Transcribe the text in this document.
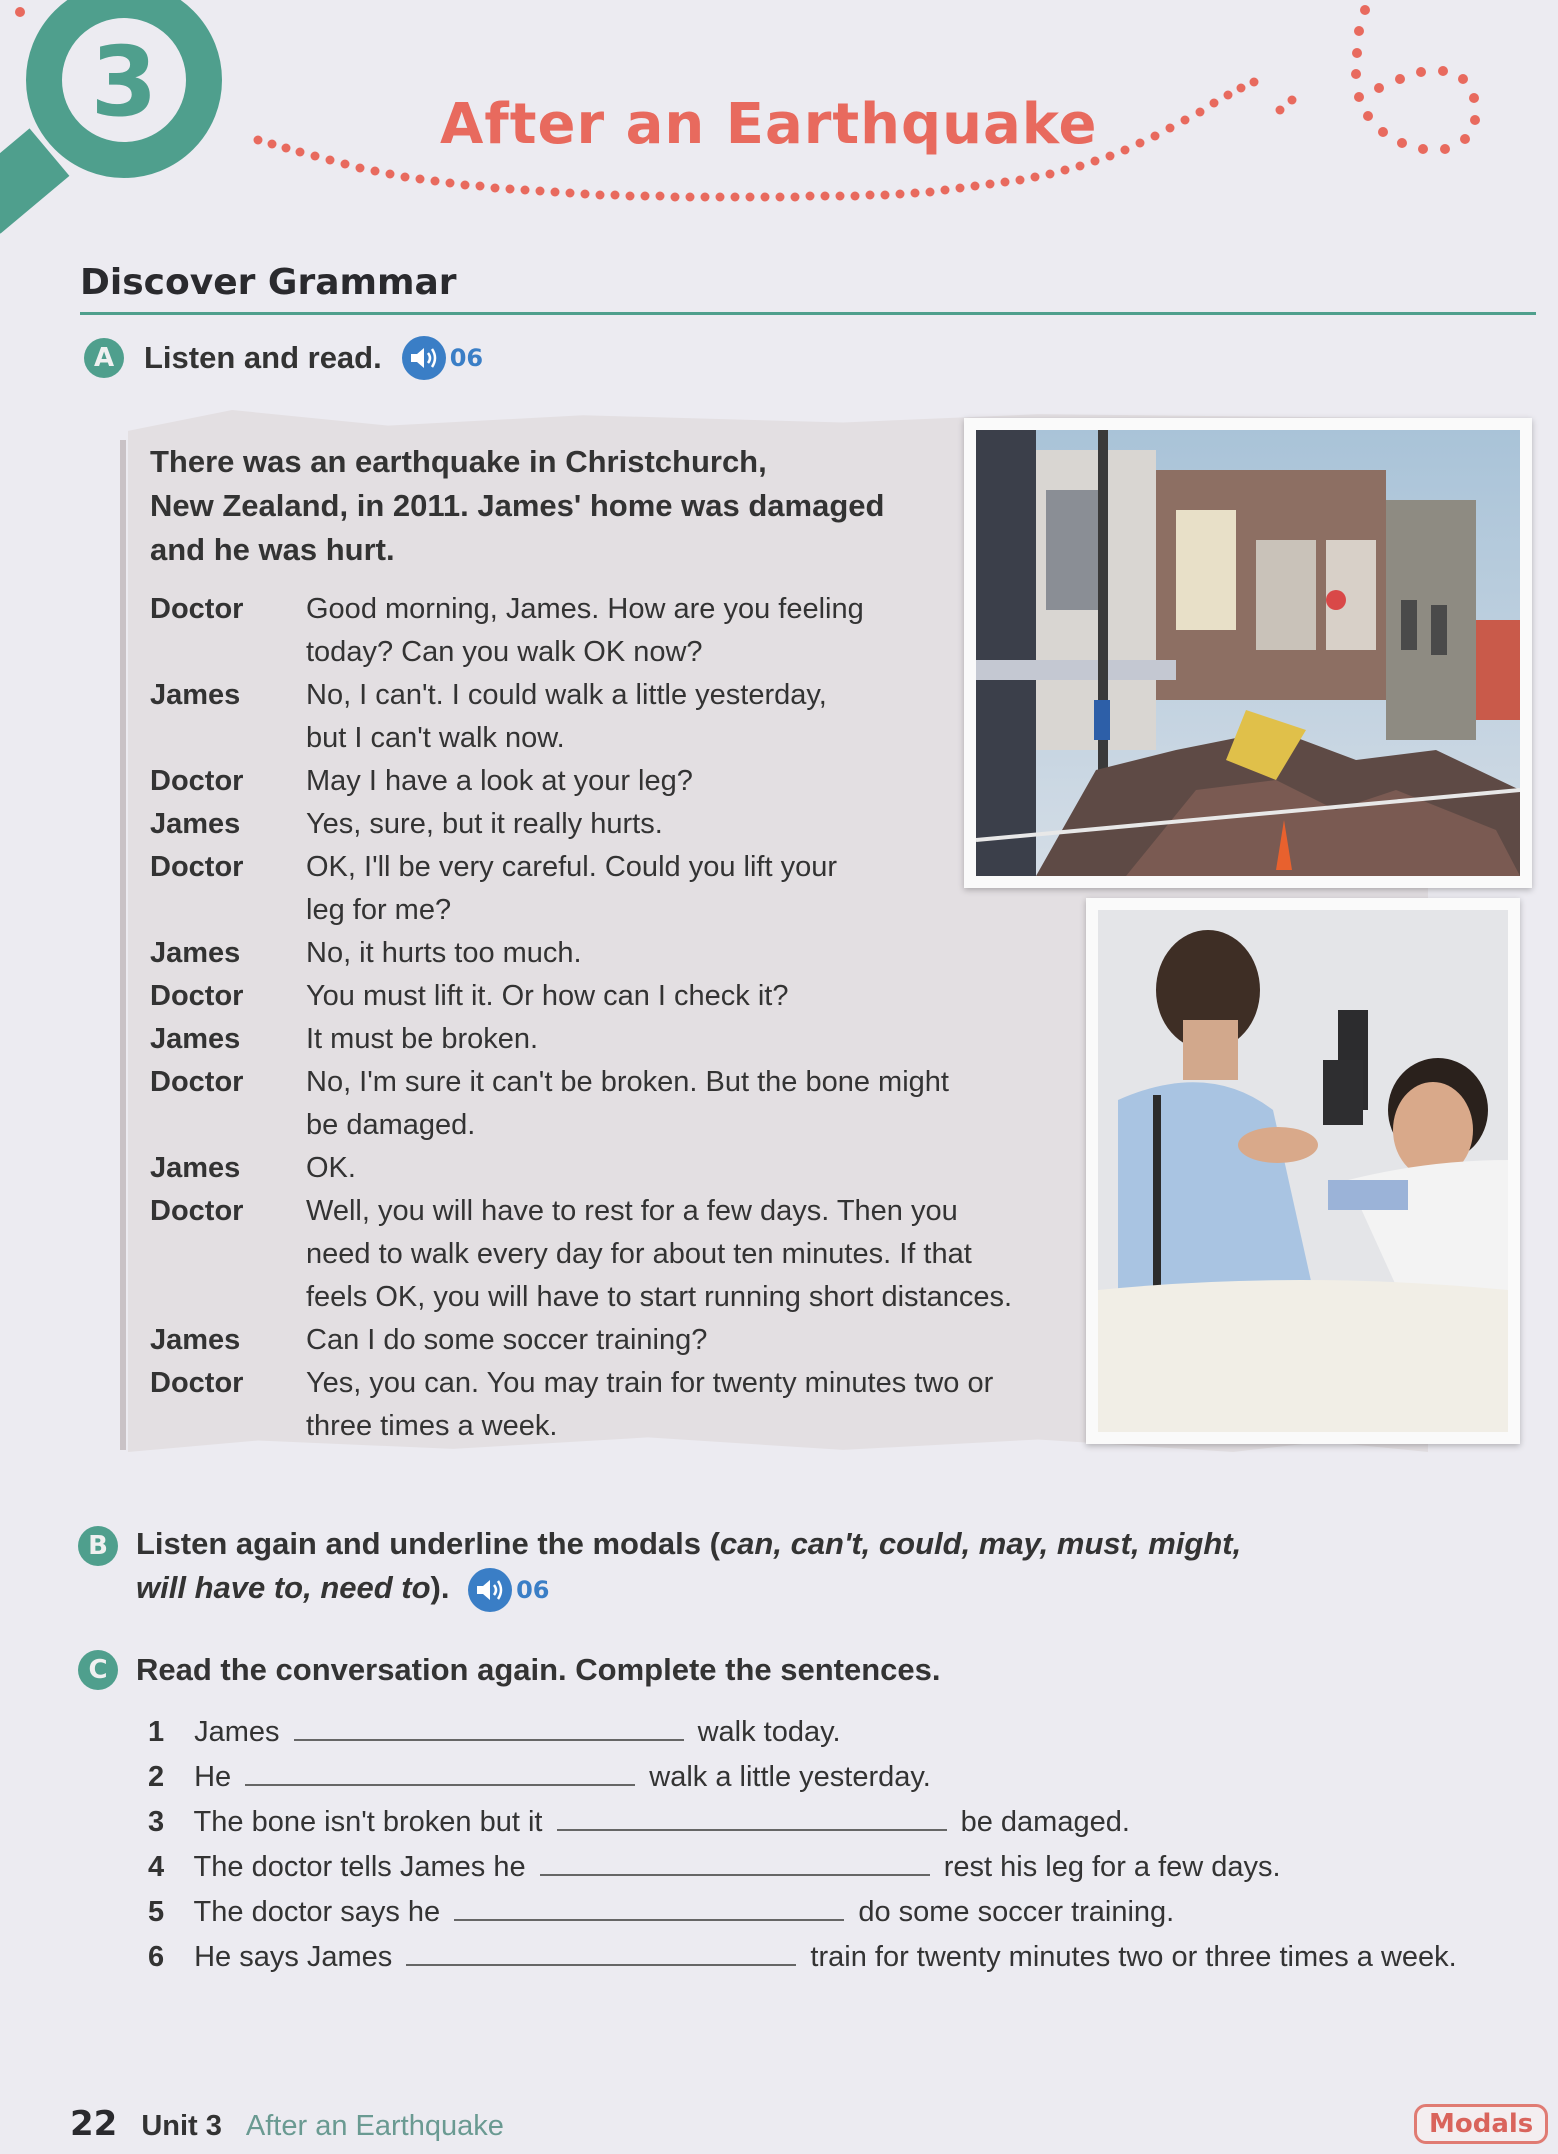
3	After an Earthquake
Discover Grammar
A Listen and read.	06
There was an earthquake in Christchurch,
New Zealand, in 2011. James' home was damaged
and he was hurt.
Doctor	Good morning, James. How are you feeling
today? Can you walk OK now?
James	No, I can't. I could walk a little yesterday,
but I can't walk now.
Doctor	May I have a look at your leg?
James	Yes, sure, but it really hurts.
Doctor	OK, I'll be very careful. Could you lift your
leg for me?
James	No, it hurts too much.
Doctor	You must lift it. Or how can I check it?
James	It must be broken.
Doctor	No, I'm sure it can't be broken. But the bone might
be damaged.
James	OK.
Doctor	Well, you will have to rest for a few days. Then you
need to walk every day for about ten minutes. If that
feels OK, you will have to start running short distances.
James	Can I do some soccer training?
Doctor	Yes, you can. You may train for twenty minutes two or
three times a week.
B Listen again and underline the modals (can, can't, could, may, must, might,
will have to, need to).	06
C Read the conversation again. Complete the sentences.
1 James	walk today.
2 He	walk a little yesterday.
3 The bone isn't broken but it	be damaged.
4 The doctor tells James he	rest his leg for a few days.
5 The doctor says he	do some soccer training.
6 He says James	train for twenty minutes two or three times a week.
22 Unit 3 After an Earthquake	Modals
